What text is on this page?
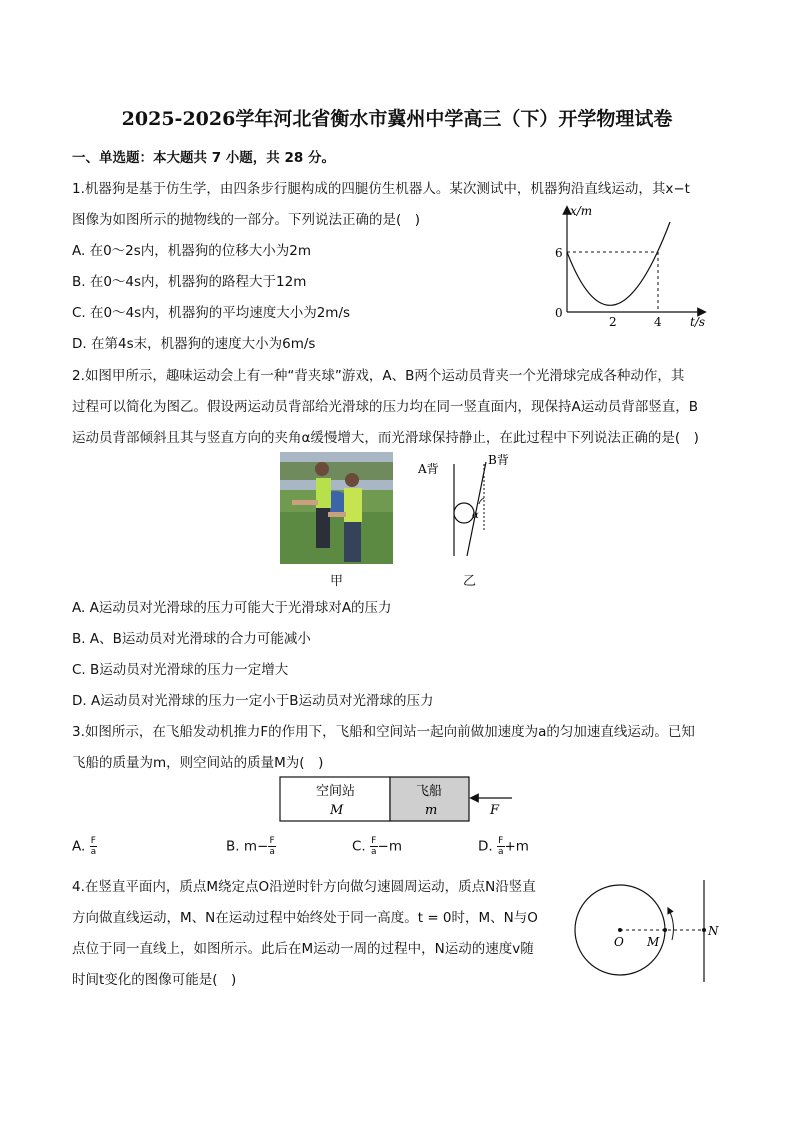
2025-2026学年河北省衡水市冀州中学高三（下）开学物理试卷
一、单选题：本大题共 7 小题，共 28 分。
1.机器狗是基于仿生学，由四条步行腿构成的四腿仿生机器人。某次测试中，机器狗沿直线运动，其x−t
图像为如图所示的抛物线的一部分。下列说法正确的是(　)
A. 在0～2s内，机器狗的位移大小为2m
B. 在0～4s内，机器狗的路程大于12m
C. 在0～4s内，机器狗的平均速度大小为2m/s
D. 在第4s末，机器狗的速度大小为6m/s
x/m
t/s
0
6
2	4
2.如图甲所示，趣味运动会上有一种“背夹球”游戏，A、B两个运动员背夹一个光滑球完成各种动作，其
过程可以简化为图乙。假设两运动员背部给光滑球的压力均在同一竖直面内，现保持A运动员背部竖直，B
运动员背部倾斜且其与竖直方向的夹角α缓慢增大，而光滑球保持静止，在此过程中下列说法正确的是(　)
甲
A背
B背
α
乙
A. A运动员对光滑球的压力可能大于光滑球对A的压力
B. A、B运动员对光滑球的合力可能减小
C. B运动员对光滑球的压力一定增大
D. A运动员对光滑球的压力一定小于B运动员对光滑球的压力
3.如图所示，在飞船发动机推力F的作用下，飞船和空间站一起向前做加速度为a的匀加速直线运动。已知
飞船的质量为m，则空间站的质量M为(　)
空间站
M
飞船
m	F
A. $\frac{F}{a}$	B. $m- \frac{F}{a}$	C. $\frac{F}{a} -m$	D. $\frac{F}{a} +m$
4.在竖直平面内，质点M绕定点O沿逆时针方向做匀速圆周运动，质点N沿竖直
方向做直线运动，M、N在运动过程中始终处于同一高度。t = 0时，M、N与O
点位于同一直线上，如图所示。此后在M运动一周的过程中，N运动的速度v随
时间t变化的图像可能是(　)
O M
N
